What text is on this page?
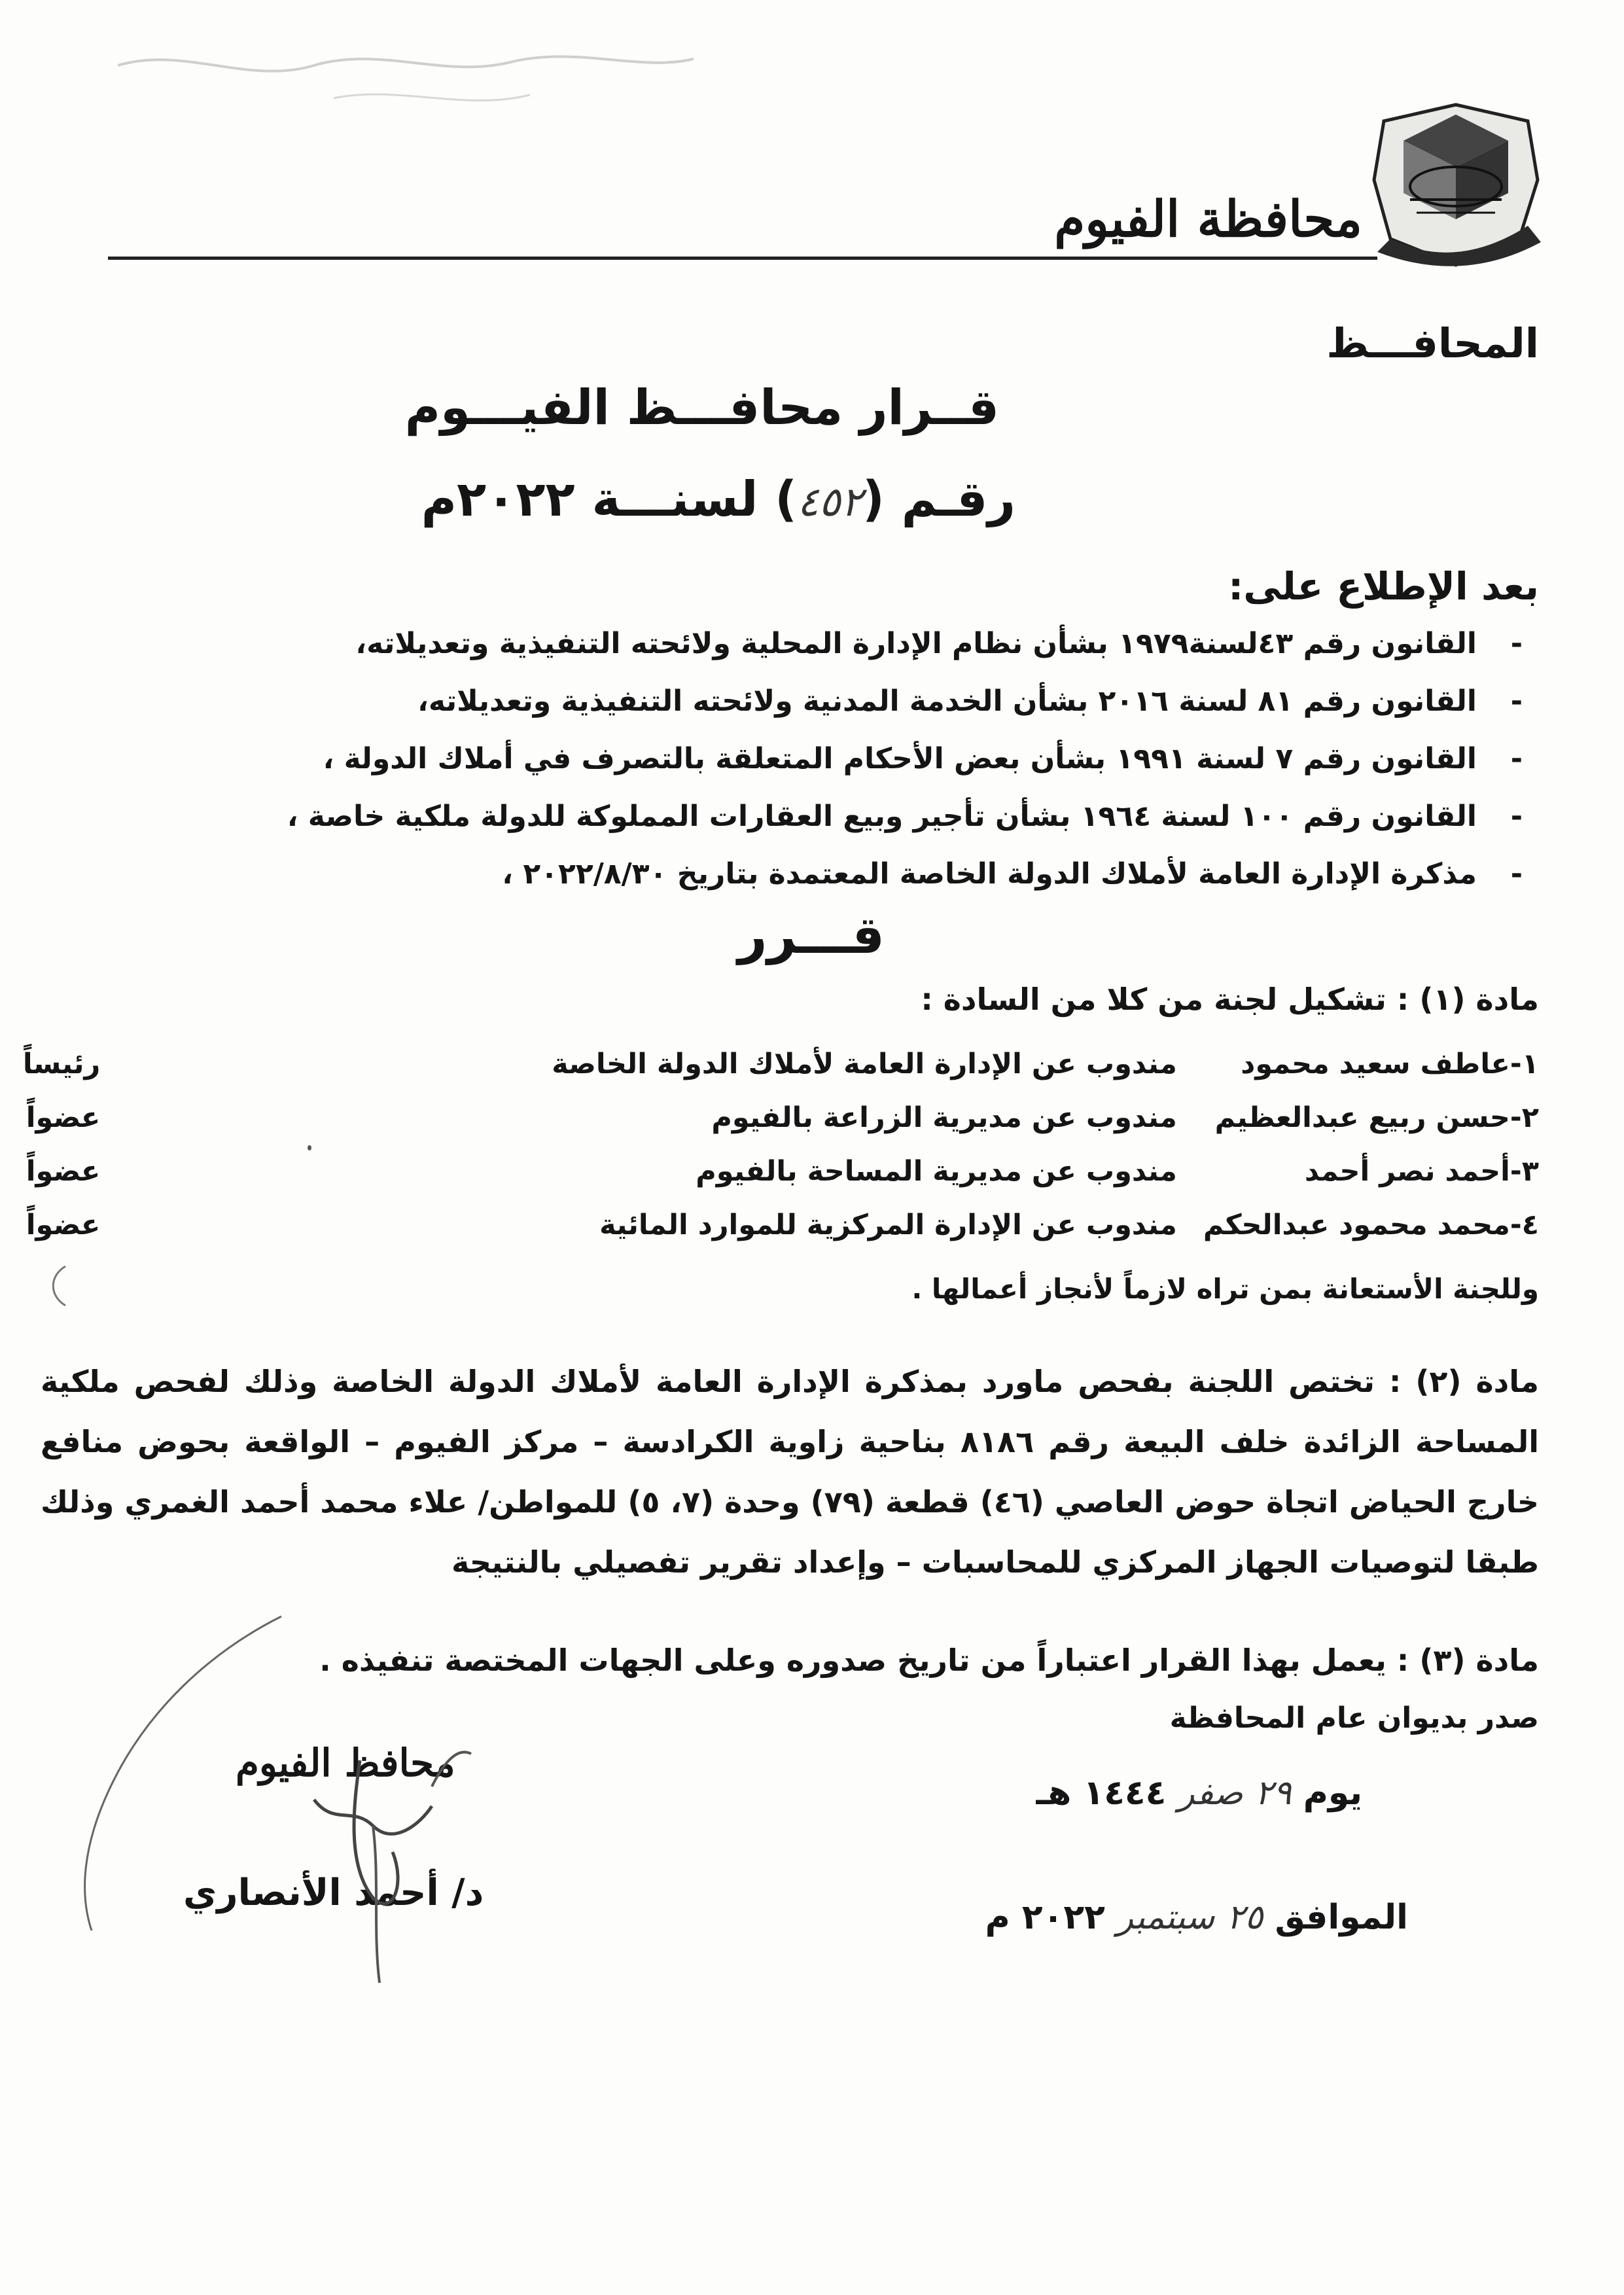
محافظة الفيوم
المحافـــظ
قــرار محافـــظ الفيـــوم
رقـم (٤٥٢) لسنـــة ٢٠٢٢م
بعد الإطلاع على:
-القانون رقم ٤٣لسنة١٩٧٩ بشأن نظام الإدارة المحلية ولائحته التنفيذية وتعديلاته،
-القانون رقم ٨١ لسنة ٢٠١٦ بشأن الخدمة المدنية ولائحته التنفيذية وتعديلاته،
-القانون رقم ٧ لسنة ١٩٩١ بشأن بعض الأحكام المتعلقة بالتصرف في أملاك الدولة ،
-القانون رقم ١٠٠ لسنة ١٩٦٤ بشأن تأجير وبيع العقارات المملوكة للدولة ملكية خاصة ،
-مذكرة الإدارة العامة لأملاك الدولة الخاصة المعتمدة بتاريخ ٢٠٢٢/٨/٣٠ ،
قـــرر
مادة (١) : تشكيل لجنة من كلا من السادة :
١-	عاطف سعيد محمود	مندوب عن الإدارة العامة لأملاك الدولة الخاصة	رئيساً
٢-	حسن ربيع عبدالعظيم	مندوب عن مديرية الزراعة بالفيوم	عضواً
٣-	أحمد نصر أحمد	مندوب عن مديرية المساحة بالفيوم	عضواً
٤-	محمد محمود عبدالحكم	مندوب عن الإدارة المركزية للموارد المائية	عضواً
وللجنة الأستعانة بمن تراه لازماً لأنجاز أعمالها .
مادة (٢) : تختص اللجنة بفحص ماورد بمذكرة الإدارة العامة لأملاك الدولة الخاصة وذلك لفحص ملكية المساحة الزائدة خلف البيعة رقم ٨١٨٦ بناحية زاوية الكرادسة – مركز الفيوم – الواقعة بحوض منافع خارج الحياض اتجاة حوض العاصي (٤٦) قطعة (٧٩) وحدة (٧، ٥) للمواطن/ علاء محمد أحمد الغمري وذلك طبقا لتوصيات الجهاز المركزي للمحاسبات – وإعداد تقرير تفصيلي بالنتيجة
مادة (٣) : يعمل بهذا القرار اعتباراً من تاريخ صدوره وعلى الجهات المختصة تنفيذه .
صدر بديوان عام المحافظة
يوم ٢٩ صفر ١٤٤٤ هـ
الموافق ٢٥ سبتمبر ٢٠٢٢ م
محافظ الفيوم
د/ أحمد الأنصاري
